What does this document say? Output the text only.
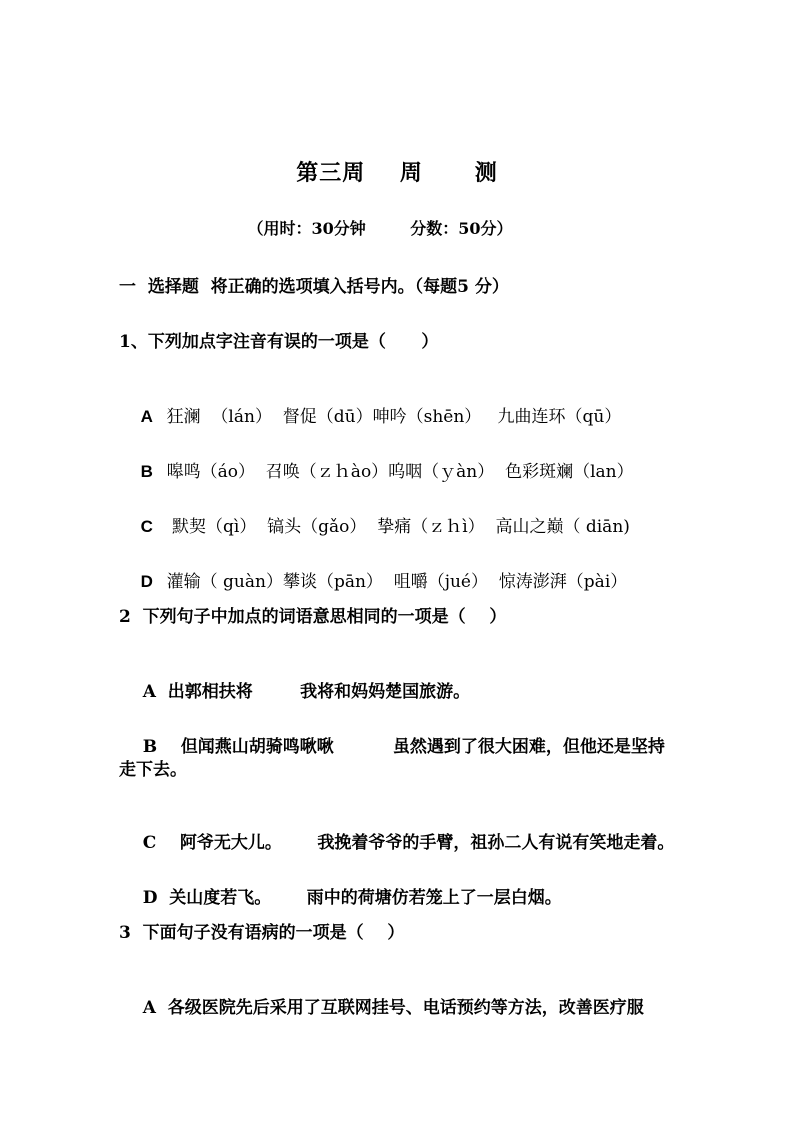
第三周    周      测
（用时：30分钟        分数：50分）
一  选择题  将正确的选项填入括号内。（每题5 分）
1、下列加点字注音有误的一项是（      ）

A 狂澜  （lán）  督促（dū）呻吟（shēn）   九曲连环（qū）

B 嗥鸣（áo）  召唤（ｚｈào）呜咽（ｙàn）  色彩斑斓（lan）

C 默契（qì）  镐头（gǎo）  挚痛（ｚｈì）  高山之巅（ diān)

D 灌输（ guàn）攀谈（pān）  咀嚼（jué）  惊涛澎湃（pài）

2  下列句子中加点的词语意思相同的一项是（    ）

A 出郭相扶将        我将和妈妈楚国旅游。

B    但闻燕山胡骑鸣啾啾          虽然遇到了很大困难，但他还是坚持

走下去。

C    阿爷无大儿。      我挽着爷爷的手臂，祖孙二人有说有笑地走着。

D 关山度若飞。      雨中的荷塘仿若笼上了一层白烟。

3  下面句子没有语病的一项是（    ）

A 各级医院先后采用了互联网挂号、电话预约等方法，改善医疗服
